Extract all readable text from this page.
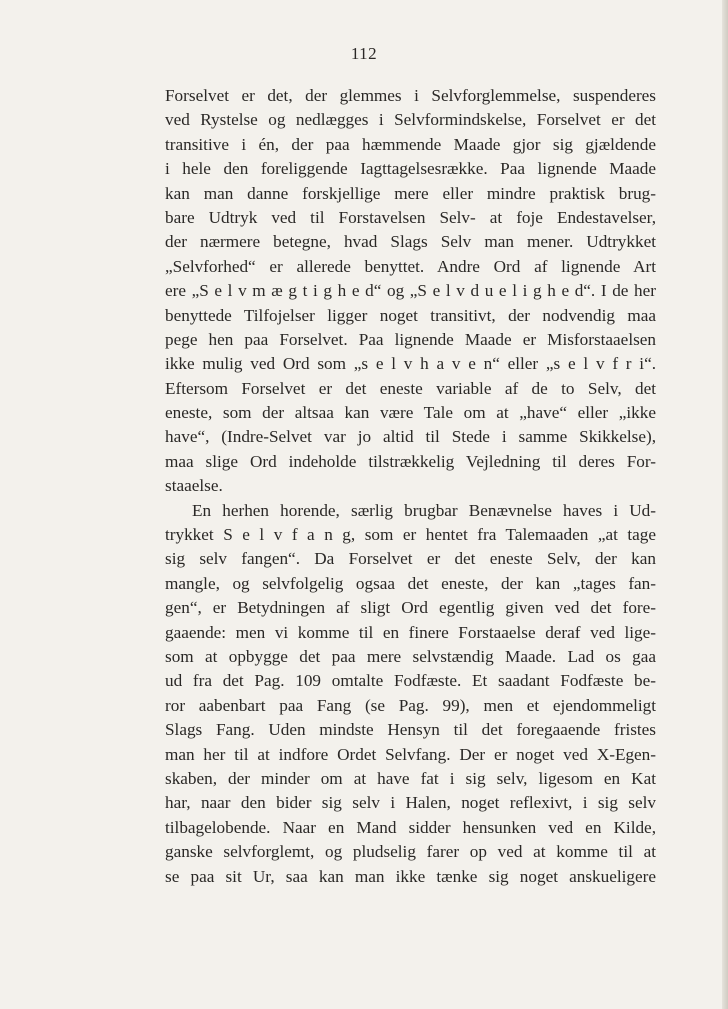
112
Forselvet er det, der glemmes i Selvforglemmelse, suspenderes
ved Rystelse og nedlægges i Selvformindskelse, Forselvet er det
transitive i én, der paa hæmmende Maade gjor sig gjældende
i hele den foreliggende Iagttagelsesrække. Paa lignende Maade
kan man danne forskjellige mere eller mindre praktisk brug-
bare Udtryk ved til Forstavelsen Selv- at foje Endestavelser,
der nærmere betegne, hvad Slags Selv man mener. Udtrykket
„Selvforhed“ er allerede benyttet. Andre Ord af lignende Art
ere „S e l v m æ g t i g h e d“ og „S e l v d u e l i g h e d“. I de her
benyttede Tilfojelser ligger noget transitivt, der nodvendig maa
pege hen paa Forselvet. Paa lignende Maade er Misforstaaelsen
ikke mulig ved Ord som „s e l v h a v e n“ eller „s e l v f r i“.
Eftersom Forselvet er det eneste variable af de to Selv, det
eneste, som der altsaa kan være Tale om at „have“ eller „ikke
have“, (Indre-Selvet var jo altid til Stede i samme Skikkelse),
maa slige Ord indeholde tilstrækkelig Vejledning til deres For-
staaelse.
En herhen horende, særlig brugbar Benævnelse haves i Ud-
trykket S e l v f a n g, som er hentet fra Talemaaden „at tage
sig selv fangen“. Da Forselvet er det eneste Selv, der kan
mangle, og selvfolgelig ogsaa det eneste, der kan „tages fan-
gen“, er Betydningen af sligt Ord egentlig given ved det fore-
gaaende: men vi komme til en finere Forstaaelse deraf ved lige-
som at opbygge det paa mere selvstændig Maade. Lad os gaa
ud fra det Pag. 109 omtalte Fodfæste. Et saadant Fodfæste be-
ror aabenbart paa Fang (se Pag. 99), men et ejendommeligt
Slags Fang. Uden mindste Hensyn til det foregaaende fristes
man her til at indfore Ordet Selvfang. Der er noget ved X-Egen-
skaben, der minder om at have fat i sig selv, ligesom en Kat
har, naar den bider sig selv i Halen, noget reflexivt, i sig selv
tilbagelobende. Naar en Mand sidder hensunken ved en Kilde,
ganske selvforglemt, og pludselig farer op ved at komme til at
se paa sit Ur, saa kan man ikke tænke sig noget anskueligere
